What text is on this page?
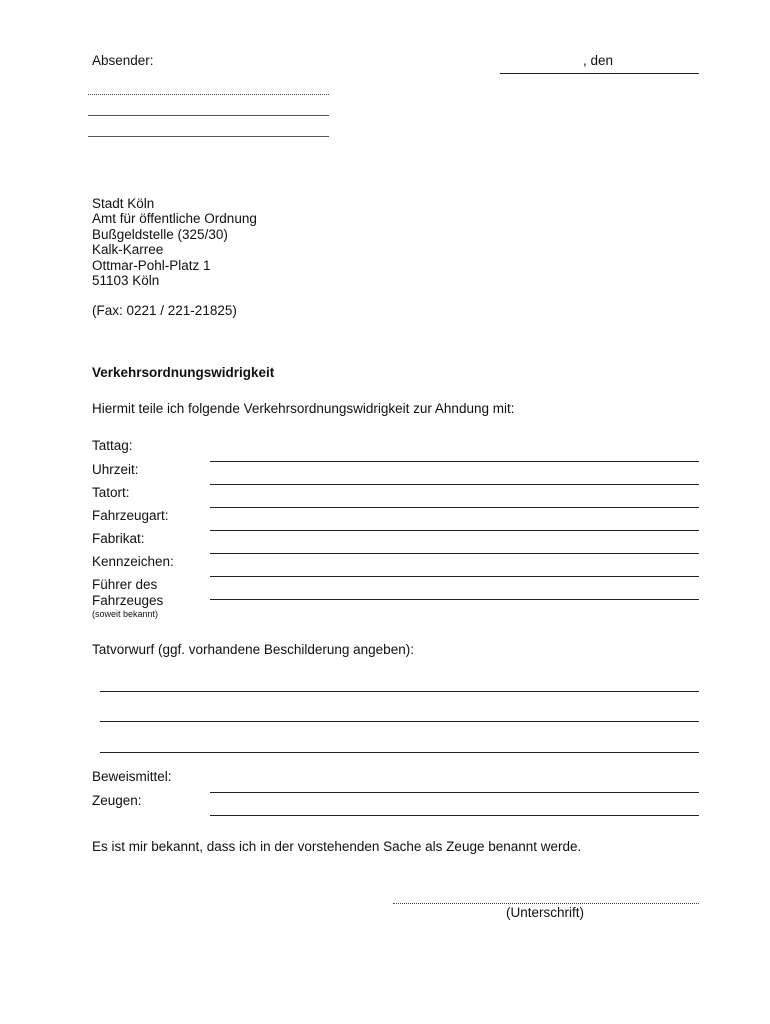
Absender:	, den
Stadt Köln
Amt für öffentliche Ordnung
Bußgeldstelle (325/30)
Kalk-Karree
Ottmar-Pohl-Platz 1
51103 Köln
(Fax: 0221 / 221-21825)
Verkehrsordnungswidrigkeit
Hiermit teile ich folgende Verkehrsordnungswidrigkeit zur Ahndung mit:
Tattag:
Uhrzeit:
Tatort:
Fahrzeugart:
Fabrikat:
Kennzeichen:
Führer des
Fahrzeuges
(soweit bekannt)
Tatvorwurf (ggf. vorhandene Beschilderung angeben):
Beweismittel:
Zeugen:
Es ist mir bekannt, dass ich in der vorstehenden Sache als Zeuge benannt werde.
(Unterschrift)
